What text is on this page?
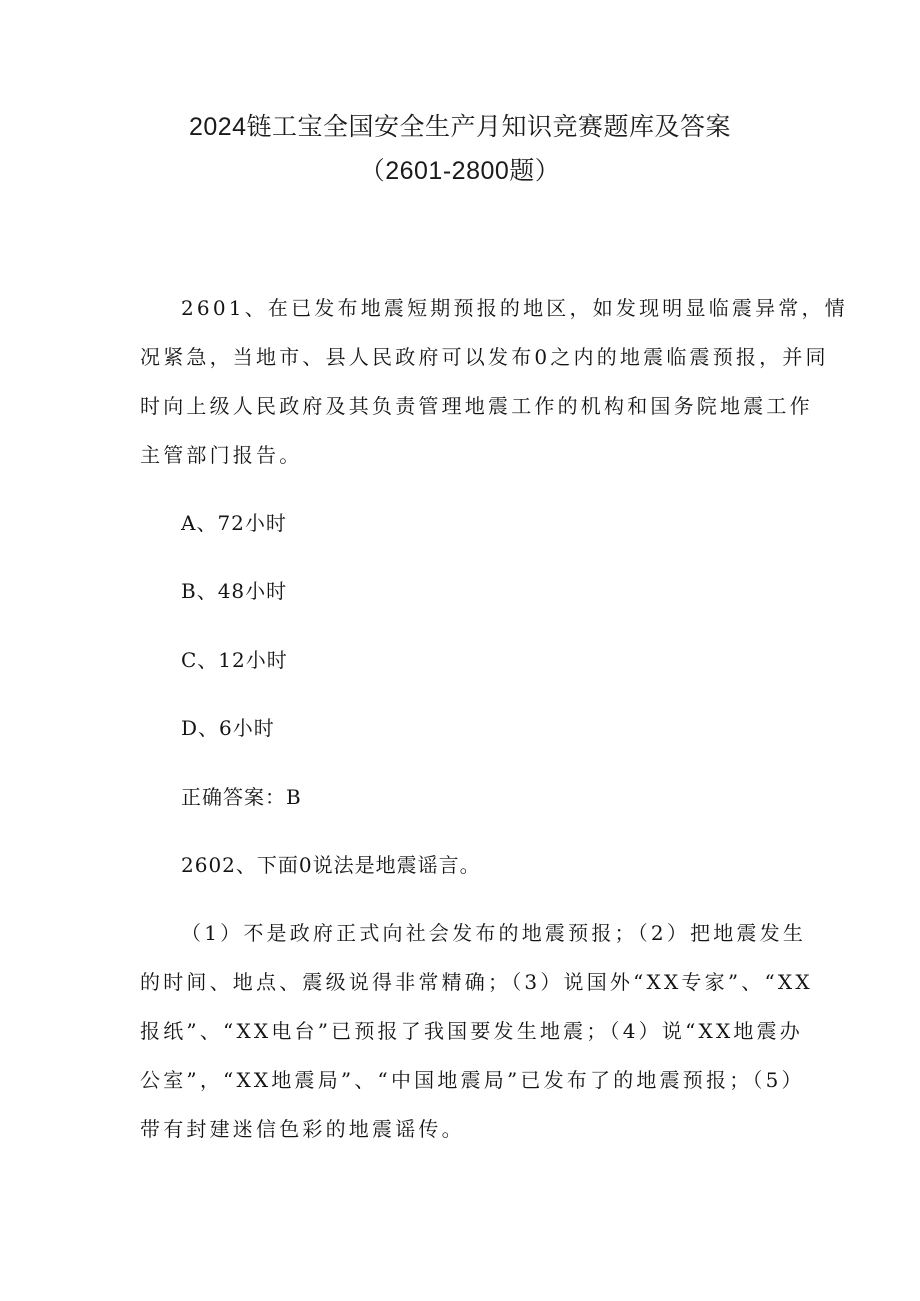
2024链工宝全国安全生产月知识竞赛题库及答案
（2601-2800题）
2601、在已发布地震短期预报的地区，如发现明显临震异常，情
况紧急，当地市、县人民政府可以发布0之内的地震临震预报，并同
时向上级人民政府及其负责管理地震工作的机构和国务院地震工作
主管部门报告。
A、72小时
B、48小时
C、12小时
D、6小时
正确答案：B
2602、下面0说法是地震谣言。
（1）不是政府正式向社会发布的地震预报；（2）把地震发生
的时间、地点、震级说得非常精确；（3）说国外“XX专家”、“XX
报纸”、“XX电台”已预报了我国要发生地震；（4）说“XX地震办
公室”，“XX地震局”、“中国地震局”已发布了的地震预报；（5）
带有封建迷信色彩的地震谣传。
